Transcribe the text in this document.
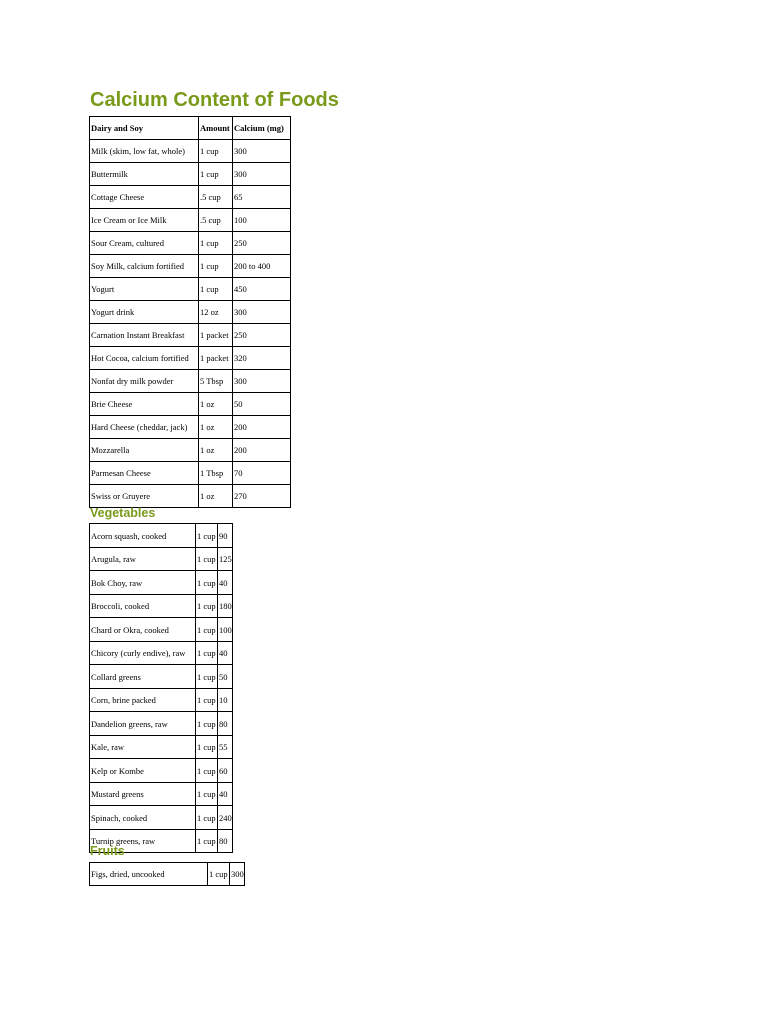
Calcium Content of Foods
Dairy and Soy	Amount	Calcium (mg)
Milk (skim, low fat, whole)	1 cup	300
Buttermilk	1 cup	300
Cottage Cheese	.5 cup	65
Ice Cream or Ice Milk	.5 cup	100
Sour Cream, cultured	1 cup	250
Soy Milk, calcium fortified	1 cup	200 to 400
Yogurt	1 cup	450
Yogurt drink	12 oz	300
Carnation Instant Breakfast	1 packet	250
Hot Cocoa, calcium fortified	1 packet	320
Nonfat dry milk powder	5 Tbsp	300
Brie Cheese	1 oz	50
Hard Cheese (cheddar, jack)	1 oz	200
Mozzarella	1 oz	200
Parmesan Cheese	1 Tbsp	70
Swiss or Gruyere	1 oz	270
Vegetables
Acorn squash, cooked	1 cup	90
Arugula, raw	1 cup	125
Bok Choy, raw	1 cup	40
Broccoli, cooked	1 cup	180
Chard or Okra, cooked	1 cup	100
Chicory (curly endive), raw	1 cup	40
Collard greens	1 cup	50
Corn, brine packed	1 cup	10
Dandelion greens, raw	1 cup	80
Kale, raw	1 cup	55
Kelp or Kombe	1 cup	60
Mustard greens	1 cup	40
Spinach, cooked	1 cup	240
Turnip greens, raw	1 cup	80
Fruits
Figs, dried, uncooked	1 cup	300
